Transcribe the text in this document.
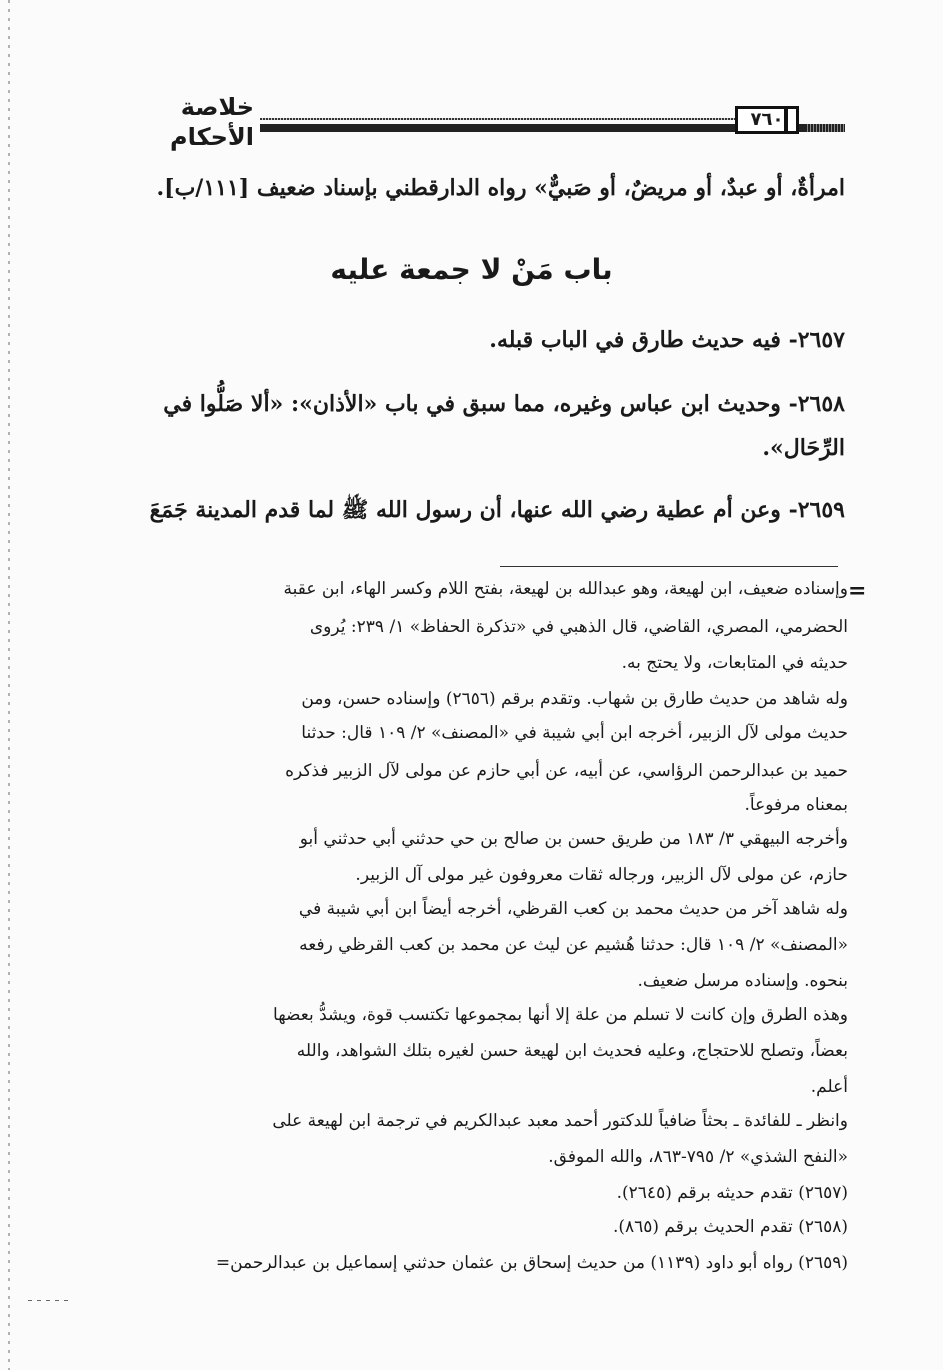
خلاصة الأحكام
٧٦٠
امرأةٌ، أو عبدٌ، أو مريضٌ، أو صَبيٌّ» رواه الدارقطني بإسناد ضعيف [١١١/ب].
باب مَنْ لا جمعة عليه
٢٦٥٧- فيه حديث طارق في الباب قبله.
٢٦٥٨- وحديث ابن عباس وغيره، مما سبق في باب «الأذان»: «ألا صَلُّوا في
الرِّحَال».
٢٦٥٩- وعن أم عطية رضي الله عنها، أن رسول الله ﷺ لما قدم المدينة جَمَعَ
=
وإسناده ضعيف، ابن لهيعة، وهو عبدالله بن لهيعة، بفتح اللام وكسر الهاء، ابن عقبة
الحضرمي، المصري، القاضي، قال الذهبي في «تذكرة الحفاظ» ١/ ٢٣٩: يُروى
حديثه في المتابعات، ولا يحتج به.
وله شاهد من حديث طارق بن شهاب. وتقدم برقم (٢٦٥٦) وإسناده حسن، ومن
حديث مولى لآل الزبير، أخرجه ابن أبي شيبة في «المصنف» ٢/ ١٠٩ قال: حدثنا
حميد بن عبدالرحمن الرؤاسي، عن أبيه، عن أبي حازم عن مولى لآل الزبير فذكره
بمعناه مرفوعاً.
وأخرجه البيهقي ٣/ ١٨٣ من طريق حسن بن صالح بن حي حدثني أبي حدثني أبو
حازم، عن مولى لآل الزبير، ورجاله ثقات معروفون غير مولى آل الزبير.
وله شاهد آخر من حديث محمد بن كعب القرظي، أخرجه أيضاً ابن أبي شيبة في
«المصنف» ٢/ ١٠٩ قال: حدثنا هُشيم عن ليث عن محمد بن كعب القرظي رفعه
بنحوه. وإسناده مرسل ضعيف.
وهذه الطرق وإن كانت لا تسلم من علة إلا أنها بمجموعها تكتسب قوة، ويشدُّ بعضها
بعضاً، وتصلح للاحتجاج، وعليه فحديث ابن لهيعة حسن لغيره بتلك الشواهد، والله
أعلم.
وانظر ـ للفائدة ـ بحثاً ضافياً للدكتور أحمد معبد عبدالكريم في ترجمة ابن لهيعة على
«النفح الشذي» ٢/ ٧٩٥-٨٦٣، والله الموفق.
(٢٦٥٧) تقدم حديثه برقم (٢٦٤٥).
(٢٦٥٨) تقدم الحديث برقم (٨٦٥).
(٢٦٥٩) رواه أبو داود (١١٣٩) من حديث إسحاق بن عثمان حدثني إسماعيل بن عبدالرحمن=
